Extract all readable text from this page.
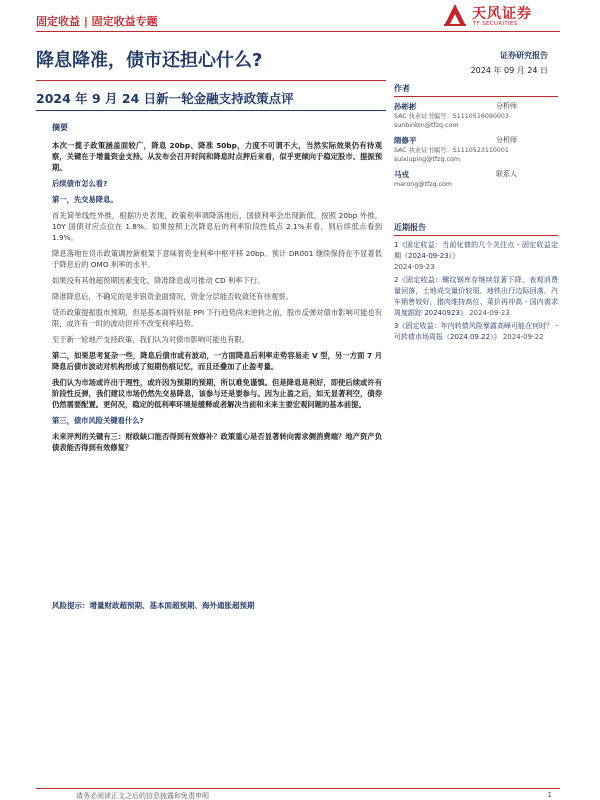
固定收益 | 固定收益专题	天风证券
TF SECURITIES
降息降准，债市还担心什么?	证券研究报告
2024 年 09 月 24 日
2024 年 9 月 24 日新一轮金融支持政策点评
摘要
本次一揽子政策涵盖面较广，降息 20bp、降准 50bp，力度不可谓不大，当然实际效果仍有待观察，关键在于增量资金支持。从发布会召开时间和降息时点押后来看，似乎更倾向于稳定股市、提振预期。
后续债市怎么看?
第一，先交易降息。
首先简单线性外推，根据历史表现，政策利率调降落地后，国债利率会出现新低，按照 20bp 外推，10Y 国债对应点位在 1.8%。如果按照上次降息后的利率阶段性低点 2.1%来看，则后续低点看到 1.9%。
降息落地在货币政策调控新框架下意味着资金利率中枢平移 20bp。预计 DR001 继续保持在不显著低于降息后的 OMO 利率的水平。
如果没有其他超预期因素变化，降准降息或可推动 CD 利率下行。
降准降息后，不确定的是非银资金面情况，资金分层能否收敛还有待观察。
货币政策提振股市预期、但是基本面特别是 PPI 下行趋势尚未逆转之前，股市反弹对债市影响可能也有限，或许有一时的波动但并不改变利率趋势。
至于新一轮地产支持政策，我们认为对债市影响可能也有限。
第二，如果思考复杂一些，降息后债市或有波动，一方面降息后利率走势容易走 V 型，另一方面 7 月降息后债市波动对机构形成了短期伤痕记忆，而且还叠加了止盈考量。
我们认为市场或许出于理性，或许因为预期的预期，所以难免谨慎。但是降息是利好，即使后续或许有阶段性反弹，我们建议市场仍然先交易降息，该参与还是要参与。因为止盈之后，如无显著利空，债券仍然需要配置。更何况，稳定的低利率环境是缓释或者解决当前和未来主要宏观问题的基本前提。
第三，债市风险关键看什么?
未来评判的关键有三：财政缺口能否得到有效修补？政策重心是否显著转向需求侧消费端？地产资产负债表能否得到有效修复？
风险提示：增量财政超预期、基本面超预期、海外通胀超预期
作者
孙彬彬	分析师
SAC 执业证书编号：S1110516090003
sunbinbin@tfzq.com
隋修平	分析师
SAC 执业证书编号：S1110523110001
suixiuping@tfzq.com
马戎	联系人
marong@tfzq.com
近期报告
1《固定收益：当前化债的几个关注点 - 固定收益定期（2024-09-23）》
2024-09-23
2《固定收益：螺纹钢库存继续显著下降，表观消费量回落，土地成交量价较弱，地铁出行边际回落，汽车销售较好，猪肉维持高位、菜价再冲高 - 国内需求周度跟踪 20240923》 2024-09-23
3《固定收益：年内转债风险暴露高峰可能在何时？ - 可转债市场周报（2024.09.22）》 2024-09-22
请务必阅读正文之后的信息披露和免责申明	1
